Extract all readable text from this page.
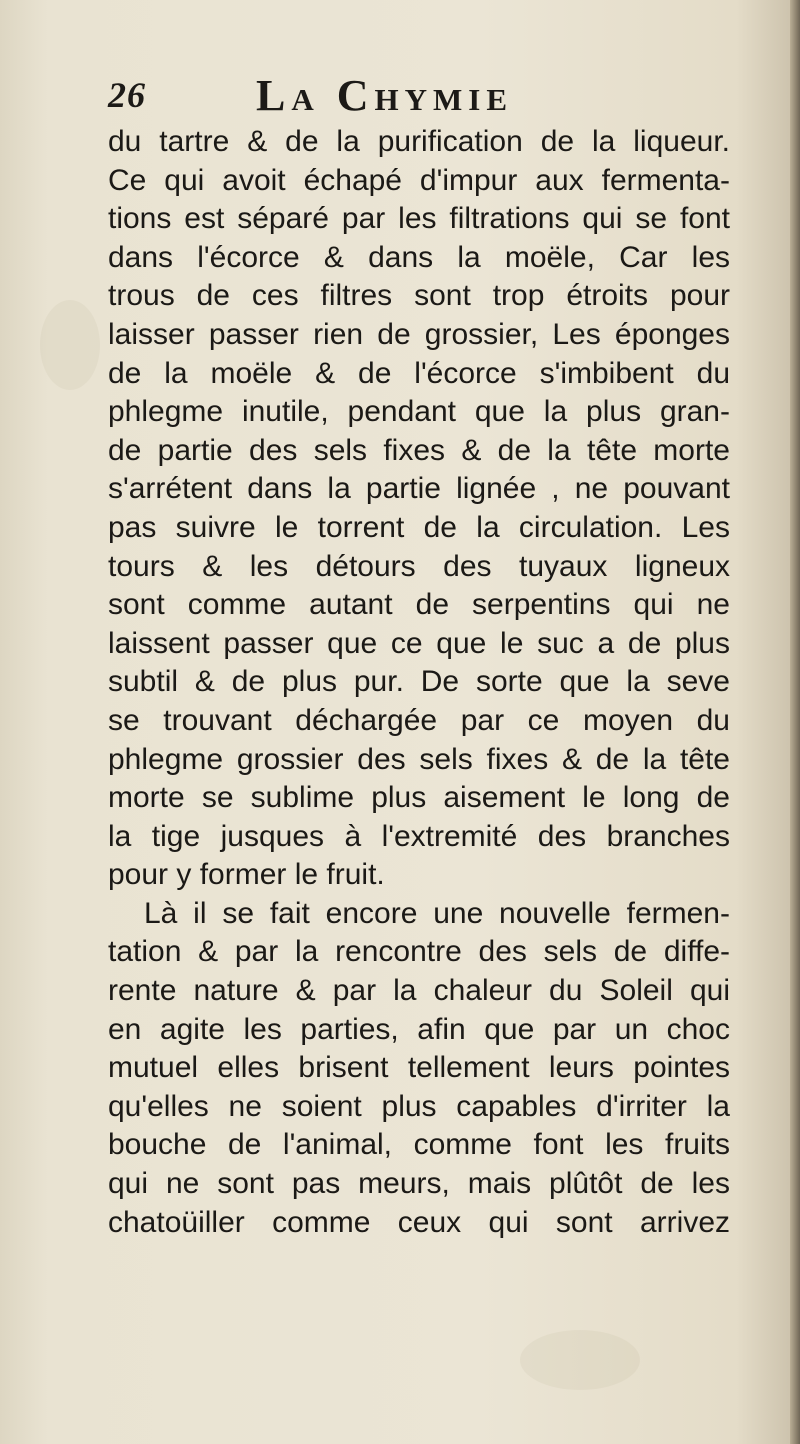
26	La Chymie
du tartre & de la purification de la liqueur.
Ce qui avoit échapé d'impur aux fermenta-
tions est séparé par les filtrations qui se font
dans l'écorce & dans la moële, Car les
trous de ces filtres sont trop étroits pour
laisser passer rien de grossier, Les éponges
de la moële & de l'écorce s'imbibent du
phlegme inutile, pendant que la plus gran-
de partie des sels fixes & de la tête morte
s'arrétent dans la partie lignée , ne pouvant
pas suivre le torrent de la circulation. Les
tours & les détours des tuyaux ligneux
sont comme autant de serpentins qui ne
laissent passer que ce que le suc a de plus
subtil & de plus pur. De sorte que la seve
se trouvant déchargée par ce moyen du
phlegme grossier des sels fixes & de la tête
morte se sublime plus aisement le long de
la tige jusques à l'extremité des branches
pour y former le fruit.
Là il se fait encore une nouvelle fermen-
tation & par la rencontre des sels de diffe-
rente nature & par la chaleur du Soleil qui
en agite les parties, afin que par un choc
mutuel elles brisent tellement leurs pointes
qu'elles ne soient plus capables d'irriter la
bouche de l'animal, comme font les fruits
qui ne sont pas meurs, mais plûtôt de les
chatoüiller comme ceux qui sont arrivez
